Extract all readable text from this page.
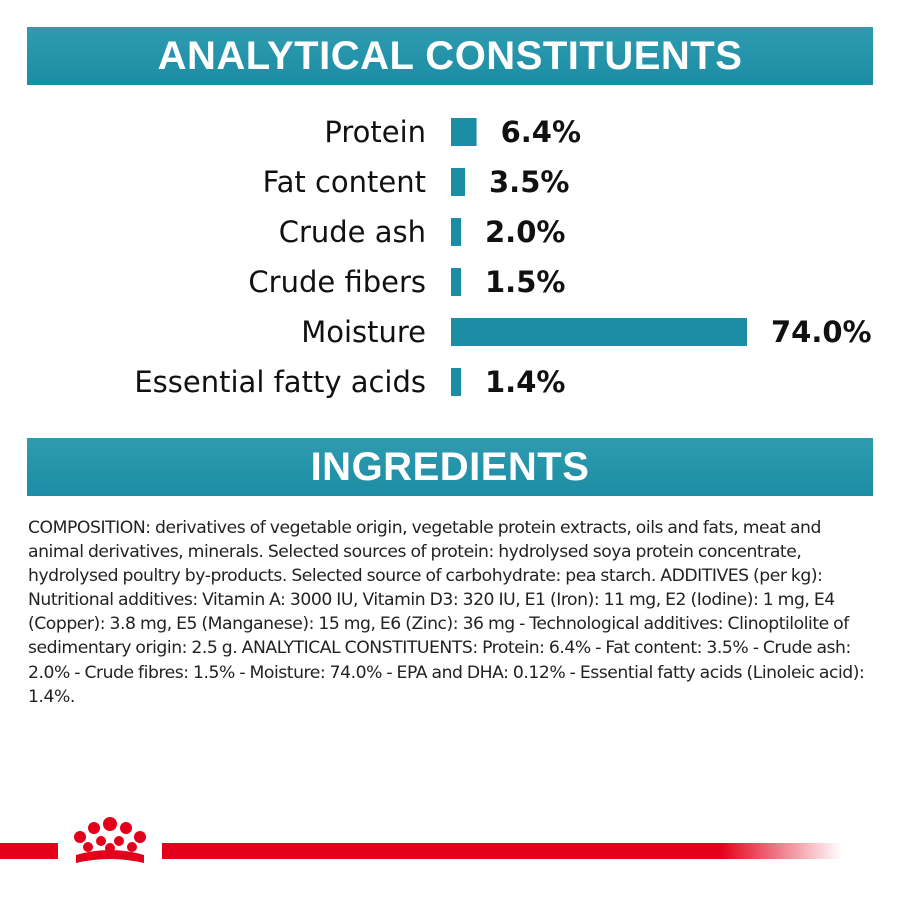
ANALYTICAL CONSTITUENTS
Protein	6.4%
Fat content 3.5%
Crude ash 2.0%
Crude fibers 1.5%
Moisture	74.0%
Essential fatty acids 1.4%
INGREDIENTS
COMPOSITION: derivatives of vegetable origin, vegetable protein extracts, oils and fats, meat and animal derivatives, minerals. Selected sources of protein: hydrolysed soya protein concentrate, hydrolysed poultry by-products. Selected source of carbohydrate: pea starch. ADDITIVES (per kg): Nutritional additives: Vitamin A: 3000 IU, Vitamin D3: 320 IU, E1 (Iron): 11 mg, E2 (Iodine): 1 mg, E4 (Copper): 3.8 mg, E5 (Manganese): 15 mg, E6 (Zinc): 36 mg - Technological additives: Clinoptilolite of sedimentary origin: 2.5 g. ANALYTICAL CONSTITUENTS: Protein: 6.4% - Fat content: 3.5% - Crude ash: 2.0% - Crude fibres: 1.5% - Moisture: 74.0% - EPA and DHA: 0.12% - Essential fatty acids (Linoleic acid): 1.4%.
